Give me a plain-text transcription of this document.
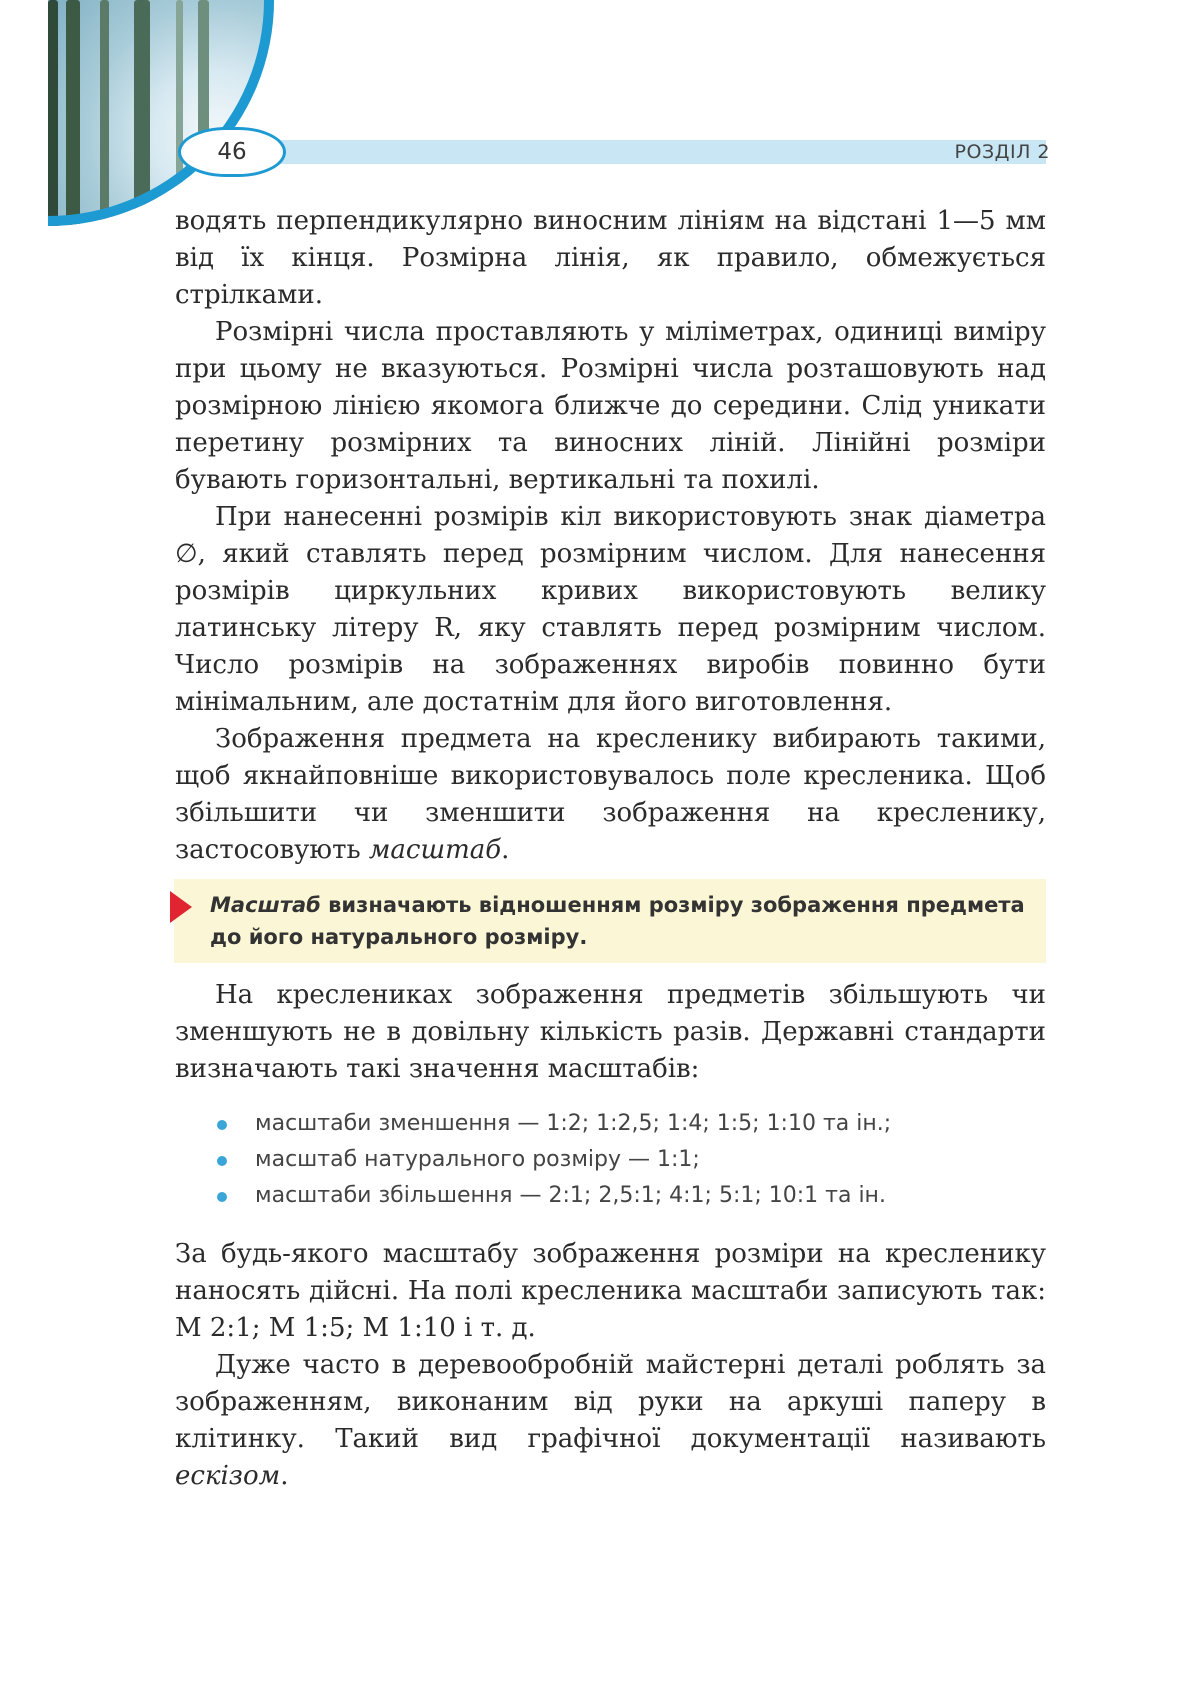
46	РОЗДІЛ 2

водять перпендикулярно виносним лініям на відстані 1—5 мм від їх кінця. Розмірна лінія, як правило, обмежується стрілками.

Розмірні числа проставляють у міліметрах, одиниці виміру при цьому не вказуються. Розмірні числа розташовують над розмірною лінією якомога ближче до середини. Слід уникати перетину розмірних та виносних ліній. Лінійні розміри бувають горизонтальні, вертикальні та похилі.

При нанесенні розмірів кіл використовують знак діаметра ∅, який ставлять перед розмірним числом. Для нанесення розмірів циркульних кривих використовують велику латинську літеру R, яку ставлять перед розмірним числом. Число розмірів на зображеннях виробів повинно бути мінімальним, але достатнім для його виготовлення.

Зображення предмета на кресленику вибирають такими, щоб якнайповніше використовувалось поле кресленика. Щоб збільшити чи зменшити зображення на кресленику, застосовують масштаб.

Масштаб визначають відношенням розміру зображення предмета до його натурального розміру.

На креслениках зображення предметів збільшують чи зменшують не в довільну кількість разів. Державні стандарти визначають такі значення масштабів:

масштаби зменшення — 1:2; 1:2,5; 1:4; 1:5; 1:10 та ін.;
масштаб натурального розміру — 1:1;
масштаби збільшення — 2:1; 2,5:1; 4:1; 5:1; 10:1 та ін.

За будь-якого масштабу зображення розміри на кресленику наносять дійсні. На полі кресленика масштаби записують так: М 2:1; М 1:5; М 1:10 і т. д.

Дуже часто в деревообробній майстерні деталі роблять за зображенням, виконаним від руки на аркуші паперу в клітинку. Такий вид графічної документації називають ескізом.
